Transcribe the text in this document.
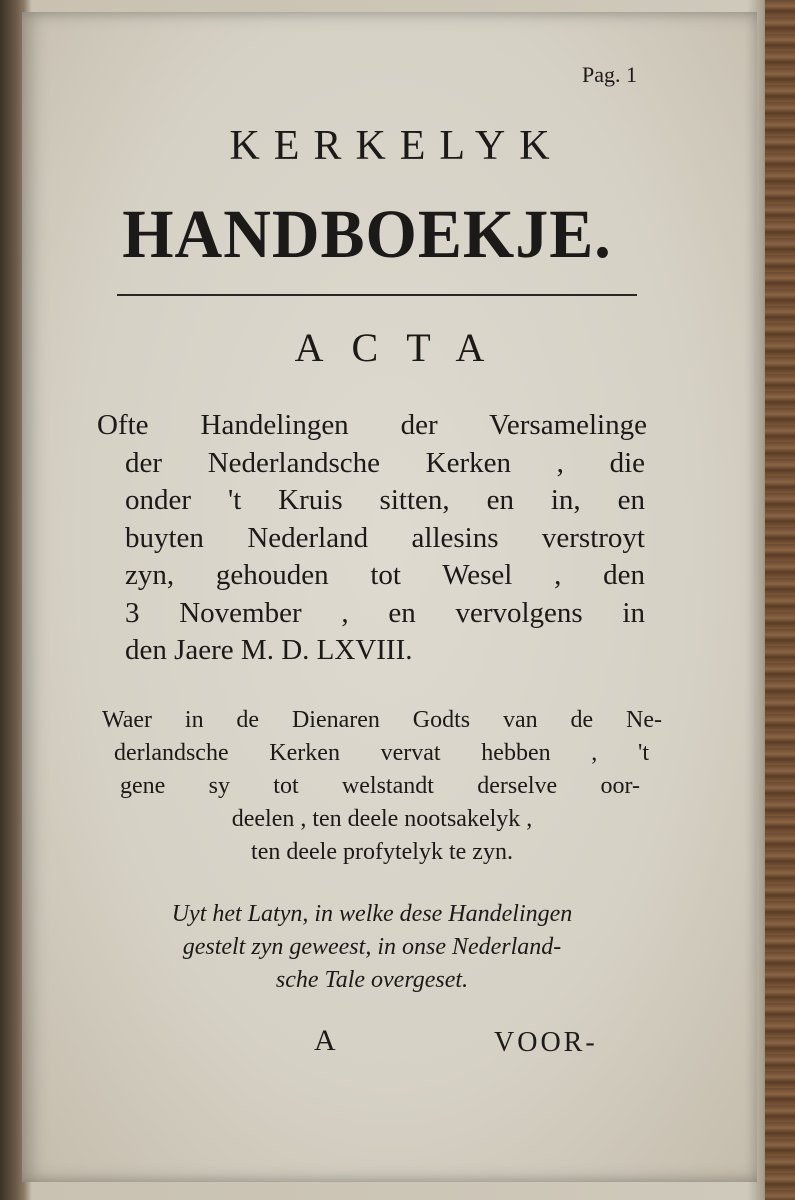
Pag. 1
KERKELYK
HANDBOEKJE.
ACTA
Ofte Handelingen der Versamelinge
der Nederlandsche Kerken , die
onder 't Kruis sitten, en in, en
buyten Nederland allesins verstroyt
zyn, gehouden tot Wesel , den
3 November , en vervolgens in
den Jaere M. D. LXVIII.
Waer in de Dienaren Godts van de Ne-
derlandsche Kerken vervat hebben , 't
gene sy tot welstandt derselve oor-
deelen , ten deele nootsakelyk ,
ten deele profytelyk te zyn.
Uyt het Latyn, in welke dese Handelingen
gestelt zyn geweest, in onse Nederland-
sche Tale overgeset.
A	VOOR-
